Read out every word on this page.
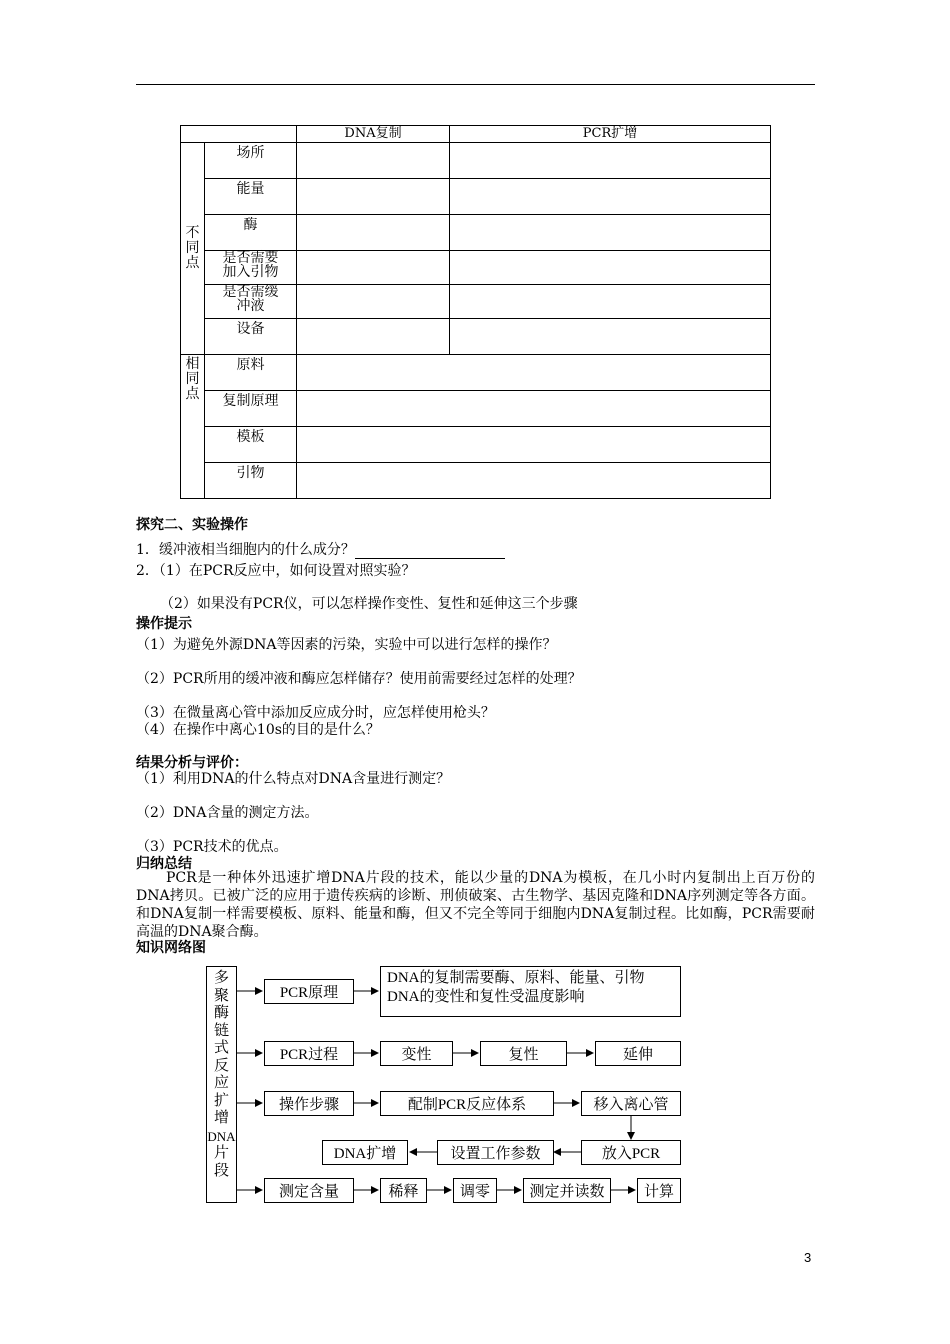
		DNA复制	PCR扩增

不
同
点	场所		
	能量		
	酶		

	是否需要
加入引物		

	是否需缓
冲液		

	设备		

相
同
点	原料		
	复制原理		
	模板		
	引物		
探究二、实验操作
1．缓冲液相当细胞内的什么成分？
2．（1）在PCR反应中，如何设置对照实验？
（2）如果没有PCR仪，可以怎样操作变性、复性和延伸这三个步骤
操作提示
（1）为避免外源DNA等因素的污染，实验中可以进行怎样的操作？
（2）PCR所用的缓冲液和酶应怎样储存？使用前需要经过怎样的处理？
（3）在微量离心管中添加反应成分时，应怎样使用枪头？
（4）在操作中离心10s的目的是什么？
结果分析与评价：
（1）利用DNA的什么特点对DNA含量进行测定？
（2）DNA含量的测定方法。
（3）PCR技术的优点。
归纳总结
PCR是一种体外迅速扩增DNA片段的技术，能以少量的DNA为模板，在几小时内复制出上百万份的DNA拷贝。已被广泛的应用于遗传疾病的诊断、刑侦破案、古生物学、基因克隆和DNA序列测定等各方面。和DNA复制一样需要模板、原料、能量和酶，但又不完全等同于细胞内DNA复制过程。比如酶，PCR需要耐高温的DNA聚合酶。
知识网络图
多
聚
酶
链
式
反
应
扩
增
DNA
片
段
PCR原理
DNA的复制需要酶、原料、能量、引物
DNA的变性和复性受温度影响
PCR过程	变性	复性	延伸
操作步骤	配制PCR反应体系	移入离心管
放入PCR
设置工作参数
DNA扩增
测定含量	稀释	调零	测定并读数	计算
3
